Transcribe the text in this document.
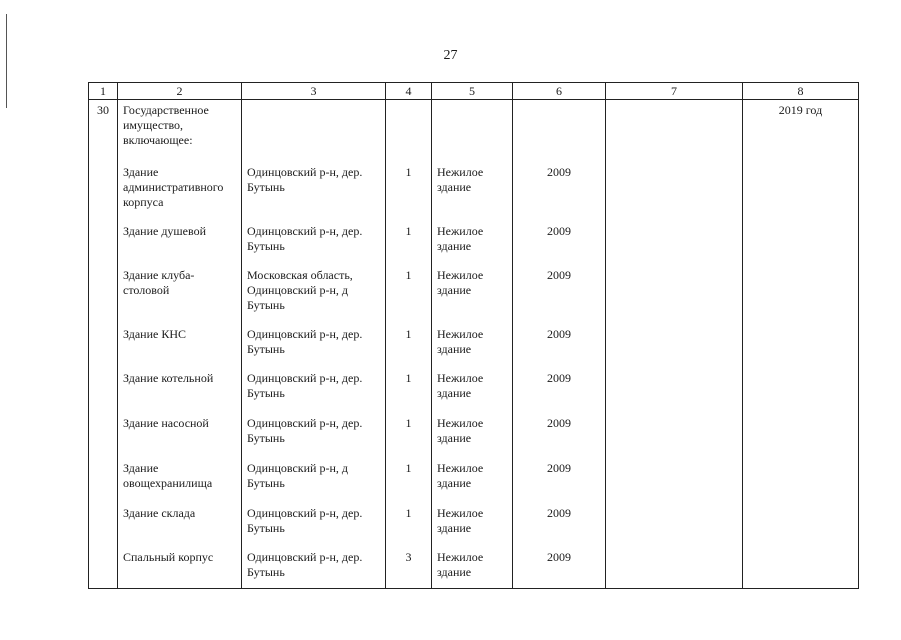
27
1	2	3	4	5	6	7	8
30	Государственное имущество, включающее:						2019 год
	Здание административного корпуса	Одинцовский р-н, дер. Бутынь	1	Нежилое здание	2009		
	Здание душевой	Одинцовский р-н, дер. Бутынь	1	Нежилое здание	2009		
	Здание клуба-столовой	Московская область, Одинцовский р-н, д Бутынь	1	Нежилое здание	2009		
	Здание КНС	Одинцовский р-н, дер. Бутынь	1	Нежилое здание	2009		
	Здание котельной	Одинцовский р-н, дер. Бутынь	1	Нежилое здание	2009		
	Здание насосной	Одинцовский р-н, дер. Бутынь	1	Нежилое здание	2009		
	Здание овощехранилища	Одинцовский р-н, д Бутынь	1	Нежилое здание	2009		
	Здание склада	Одинцовский р-н, дер. Бутынь	1	Нежилое здание	2009		
	Спальный корпус	Одинцовский р-н, дер. Бутынь	3	Нежилое здание	2009		
